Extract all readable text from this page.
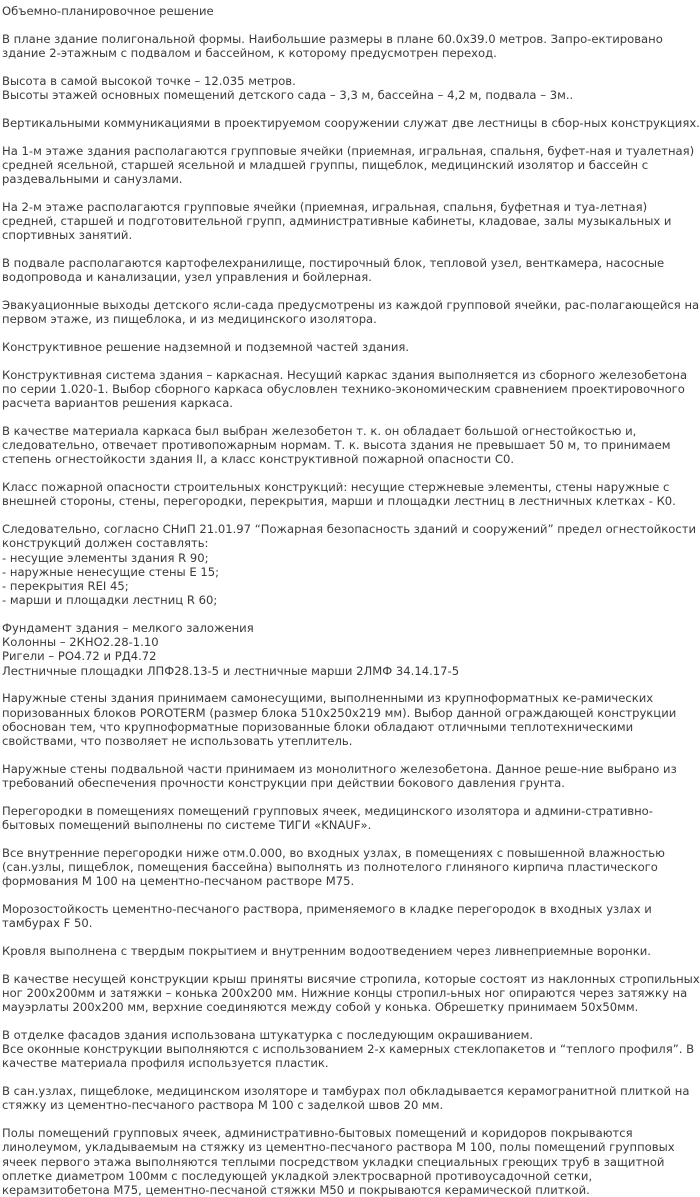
Объемно-планировочное решение
В плане здание полигональной формы. Наибольшие размеры в плане 60.0х39.0 метров. Запро-ектировано здание 2-этажным с подвалом и бассейном, к которому предусмотрен переход.
Высота в самой высокой точке – 12.035 метров.
Высоты этажей основных помещений детского сада – 3,3 м, бассейна – 4,2 м, подвала – 3м..
Вертикальными коммуникациями в проектируемом сооружении служат две лестницы в сбор-ных конструкциях.
На 1-м этаже здания располагаются групповые ячейки (приемная, игральная, спальня, буфет-ная и туалетная) средней ясельной, старшей ясельной и младшей группы, пищеблок, медицинский изолятор и бассейн с раздевальными и санузлами.
На 2-м этаже располагаются групповые ячейки (приемная, игральная, спальня, буфетная и туа-летная) средней, старшей и подготовительной групп, административные кабинеты, кладовае, залы музыкальных и спортивных занятий.
В подвале располагаются картофелехранилище, постирочный блок, тепловой узел, венткамера, насосные водопровода и канализации, узел управления и бойлерная.
Эвакуационные выходы детского ясли-сада предусмотрены из каждой групповой ячейки, рас-полагающейся на первом этаже, из пищеблока, и из медицинского изолятора.
Конструктивное решение надземной и подземной частей здания.
Конструктивная система здания – каркасная. Несущий каркас здания выполняется из сборного железобетона по серии 1.020-1. Выбор сборного каркаса обусловлен технико-экономическим сравнением проектировочного расчета вариантов решения каркаса.
В качестве материала каркаса был выбран железобетон т. к. он обладает большой огнестойкостью и, следовательно, отвечает противопожарным нормам. Т. к. высота здания не превышает 50 м, то принимаем степень огнестойкости здания II, а класс конструктивной пожарной опасности С0.
Класс пожарной опасности строительных конструкций: несущие стержневые элементы, стены наружные с внешней стороны, стены, перегородки, перекрытия, марши и площадки лестниц в лестничных клетках - К0.
Следовательно, согласно СНиП 21.01.97 “Пожарная безопасность зданий и сооружений” предел огнестойкости конструкций должен составлять:
- несущие элементы здания R 90;
- наружные ненесущие стены Е 15;
- перекрытия REI 45;
- марши и площадки лестниц R 60;
Фундамент здания – мелкого заложения
Колонны – 2КНО2.28-1.10
Ригели – РО4.72 и РД4.72
Лестничные площадки ЛПФ28.13-5 и лестничные марши 2ЛМФ 34.14.17-5
Наружные стены здания принимаем самонесущими, выполненными из крупноформатных ке-рамических поризованных блоков POROTERM (размер блока 510х250х219 мм). Выбор данной ограждающей конструкции обоснован тем, что крупноформатные поризованные блоки обладают отличными теплотехническими свойствами, что позволяет не использовать утеплитель.
Наружные стены подвальной части принимаем из монолитного железобетона. Данное реше-ние выбрано из требований обеспечения прочности конструкции при действии бокового давления грунта.
Перегородки в помещениях помещений групповых ячеек, медицинского изолятора и админи-стративно-бытовых помещений выполнены по системе ТИГИ «KNAUF».
Все внутренние перегородки ниже отм.0.000, во входных узлах, в помещениях с повышенной влажностью (сан.узлы, пищеблок, помещения бассейна) выполнять из полнотелого глиняного кирпича пластического формования М 100 на цементно-песчаном растворе М75.
Морозостойкость цементно-песчаного раствора, применяемого в кладке перегородок в входных узлах и тамбурах F 50.
Кровля выполнена с твердым покрытием и внутренним водоотведением через ливнеприемные воронки.
В качестве несущей конструкции крыш приняты висячие стропила, которые состоят из наклонных стропильных ног 200х200мм и затяжки – конька 200х200 мм. Нижние концы стропил-ьных ног опираются через затяжку на мауэрлаты 200х200 мм, верхние соединяются между собой у конька. Обрешетку принимаем 50х50мм.
В отделке фасадов здания использована штукатурка с последующим окрашиванием.
Все оконные конструкции выполняются с использованием 2-х камерных стеклопакетов и “теплого профиля”. В качестве материала профиля используется пластик.
В сан.узлах, пищеблоке, медицинском изоляторе и тамбурах пол обкладывается керамогранитной плиткой на стяжку из цементно-песчаного раствора М 100 с заделкой швов 20 мм.
Полы помещений групповых ячеек, административно-бытовых помещений и коридоров покрываются линолеумом, укладываемым на стяжку из цементно-песчаного раствора М 100, полы помещений групповых ячеек первого этажа выполняются теплыми посредством укладки специальных греющих труб в защитной оплетке диаметром 100мм с последующей укладкой электросварной противоусадочной сетки, керамзитобетона М75, цементно-песчаной стяжки М50 и покрываются керамической плиткой.
